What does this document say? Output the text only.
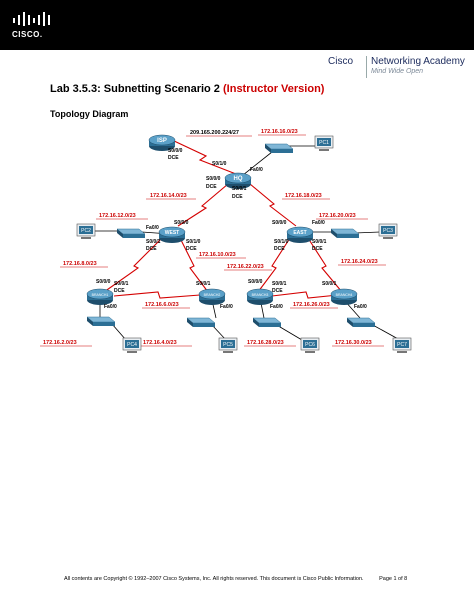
CISCO.
Cisco Networking Academy
Mind Wide Open
Lab 3.5.3: Subnetting Scenario 2 (Instructor Version)
Topology Diagram
ISP
HQ
WEST	EAST
BRANCH1	BRANCH2	BRANCH3	BRANCH4
PC1
PC2	PC3
PC4	PC5	PC6	PC7
209.165.200.224/27	172.16.16.0/23
172.16.14.0/23	172.16.18.0/23
172.16.12.0/23	172.16.20.0/23
172.16.8.0/23
172.16.10.0/23
172.16.22.0/23
172.16.24.0/23
172.16.6.0/23	172.16.26.0/23
172.16.2.0/23	172.16.4.0/23	172.16.28.0/23	172.16.30.0/23
S0/0/0
DCE
S0/1/0
Fa0/0
S0/0/0
DCE	S0/0/1
DCE
S0/0/0
Fa0/0
S0/0/1
DCE
S0/1/0
DCE
S0/0/0	Fa0/0
S0/0/1
DCE
S0/1/0
DCE
S0/0/0 S0/0/1
DCE
Fa0/0
S0/0/1
Fa0/0
S0/0/0 S0/0/1
DCE
Fa0/0
S0/0/1
Fa0/0
All contents are Copyright © 1992–2007 Cisco Systems, Inc. All rights reserved. This document is Cisco Public Information.	Page 1 of 8
